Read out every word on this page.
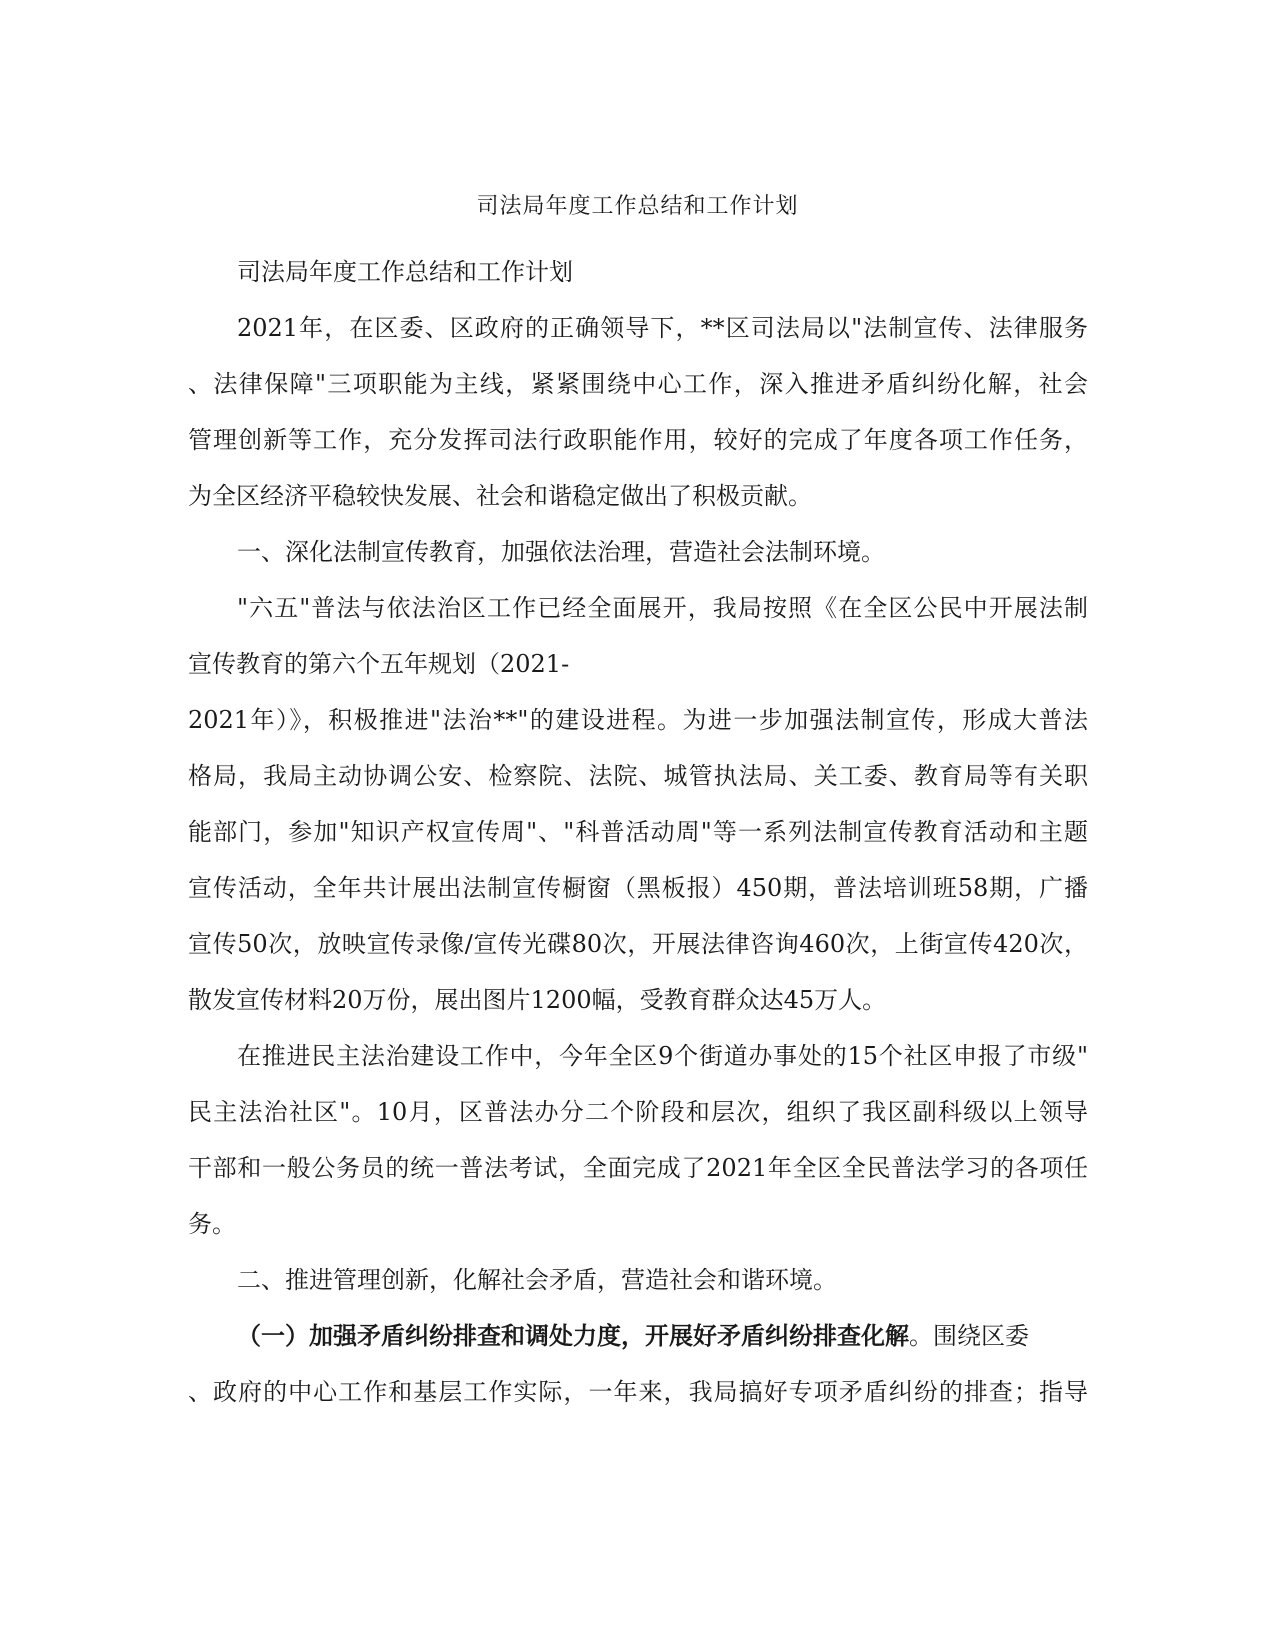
司法局年度工作总结和工作计划

司法局年度工作总结和工作计划

2021年，在区委、区政府的正确领导下，**区司法局以"法制宣传、法律服务

、法律保障"三项职能为主线，紧紧围绕中心工作，深入推进矛盾纠纷化解，社会

管理创新等工作，充分发挥司法行政职能作用，较好的完成了年度各项工作任务，

为全区经济平稳较快发展、社会和谐稳定做出了积极贡献。

一、深化法制宣传教育，加强依法治理，营造社会法制环境。

"六五"普法与依法治区工作已经全面展开，我局按照《在全区公民中开展法制

宣传教育的第六个五年规划（2021-

2021年）》，积极推进"法治**"的建设进程。为进一步加强法制宣传，形成大普法

格局，我局主动协调公安、检察院、法院、城管执法局、关工委、教育局等有关职

能部门，参加"知识产权宣传周"、"科普活动周"等一系列法制宣传教育活动和主题

宣传活动，全年共计展出法制宣传橱窗（黑板报）450期，普法培训班58期，广播

宣传50次，放映宣传录像/宣传光碟80次，开展法律咨询460次，上街宣传420次，

散发宣传材料20万份，展出图片1200幅，受教育群众达45万人。

在推进民主法治建设工作中，今年全区9个街道办事处的15个社区申报了市级"

民主法治社区"。10月，区普法办分二个阶段和层次，组织了我区副科级以上领导

干部和一般公务员的统一普法考试，全面完成了2021年全区全民普法学习的各项任

务。

二、推进管理创新，化解社会矛盾，营造社会和谐环境。

（一）加强矛盾纠纷排查和调处力度，开展好矛盾纠纷排查化解。围绕区委

、政府的中心工作和基层工作实际，一年来，我局搞好专项矛盾纠纷的排查；指导
